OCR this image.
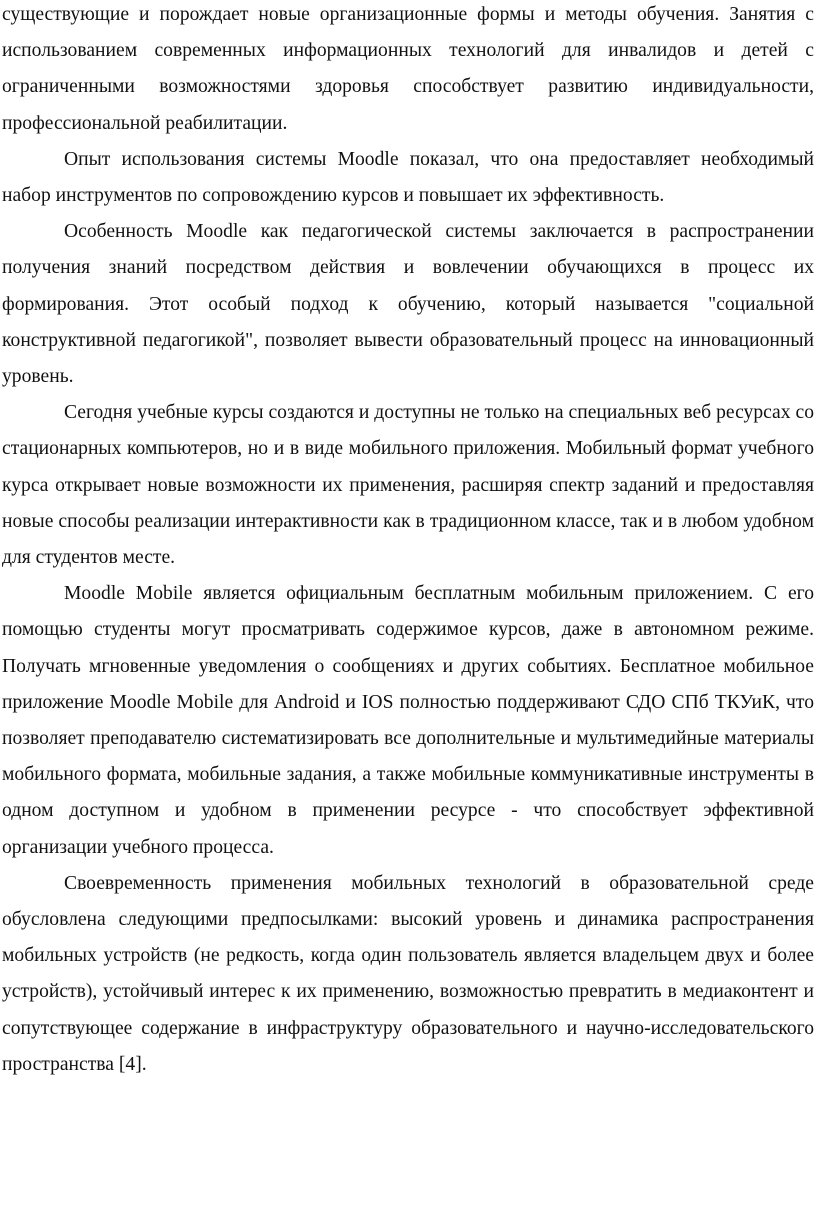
существующие и порождает новые организационные формы и методы обучения. Занятия с использованием современных информационных технологий для инвалидов и детей с ограниченными возможностями здоровья способствует развитию индивидуальности, профессиональной реабилитации.

Опыт использования системы Moodle показал, что она предоставляет необходимый набор инструментов по сопровождению курсов и повышает их эффективность.

Особенность Moodle как педагогической системы заключается в распространении получения знаний посредством действия и вовлечении обучающихся в процесс их формирования. Этот особый подход к обучению, который называется "социальной конструктивной педагогикой", позволяет вывести образовательный процесс на инновационный уровень.

Сегодня учебные курсы создаются и доступны не только на специальных веб ресурсах со стационарных компьютеров, но и в виде мобильного приложения. Мобильный формат учебного курса открывает новые возможности их применения, расширяя спектр заданий и предоставляя новые способы реализации интерактивности как в традиционном классе, так и в любом удобном для студентов месте.

Moodle Mobile является официальным бесплатным мобильным приложением. С его помощью студенты могут просматривать содержимое курсов, даже в автономном режиме. Получать мгновенные уведомления о сообщениях и других событиях. Бесплатное мобильное приложение Moodle Mobile для Android и IOS полностью поддерживают СДО СПб ТКУиК, что позволяет преподавателю систематизировать все дополнительные и мультимедийные материалы мобильного формата, мобильные задания, а также мобильные коммуникативные инструменты в одном доступном и удобном в применении ресурсе - что способствует эффективной организации учебного процесса.

Своевременность применения мобильных технологий в образовательной среде обусловлена следующими предпосылками: высокий уровень и динамика распространения мобильных устройств (не редкость, когда один пользователь является владельцем двух и более устройств), устойчивый интерес к их применению, возможностью превратить в медиаконтент и сопутствующее содержание в инфраструктуру образовательного и научно-исследовательского пространства [4].
